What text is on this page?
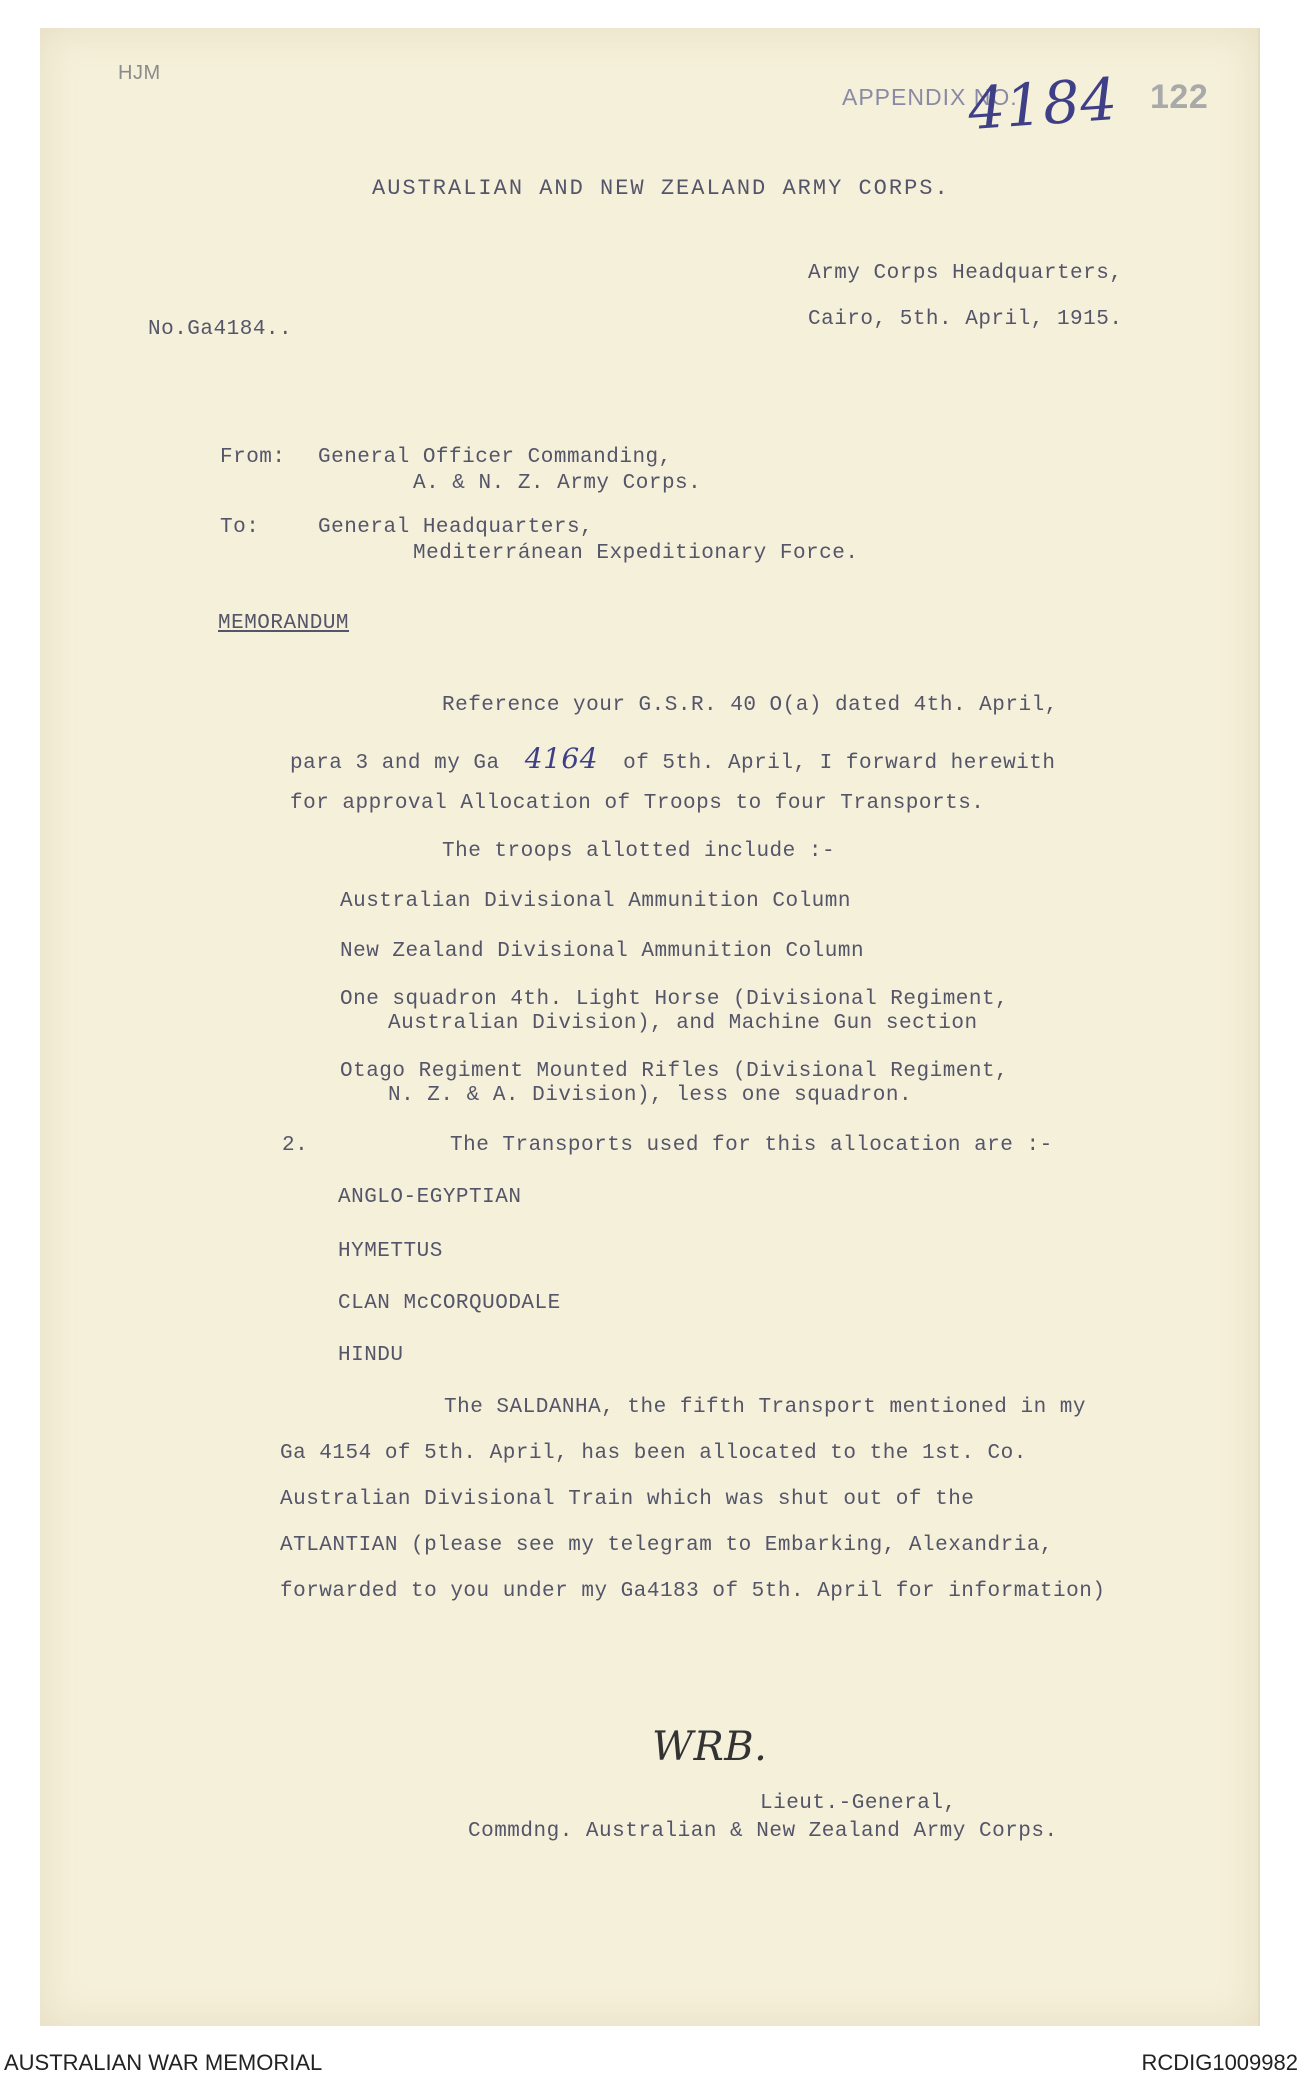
HJM
APPENDIX NO.
4184 122
AUSTRALIAN AND NEW ZEALAND ARMY CORPS.
Army Corps Headquarters,
Cairo, 5th. April, 1915.
No.Ga4184..
From: General Officer Commanding,
A. & N. Z. Army Corps.
To:	General Headquarters,
Mediterránean Expeditionary Force.
MEMORANDUM
Reference your G.S.R. 40 O(a) dated 4th. April,
para 3 and my Ga 4164 of 5th. April, I forward herewith
for approval Allocation of Troops to four Transports.
The troops allotted include :-
Australian Divisional Ammunition Column
New Zealand Divisional Ammunition Column
One squadron 4th. Light Horse (Divisional Regiment,
Australian Division), and Machine Gun section
Otago Regiment Mounted Rifles (Divisional Regiment,
N. Z. & A. Division), less one squadron.
2.	The Transports used for this allocation are :-
ANGLO-EGYPTIAN
HYMETTUS
CLAN McCORQUODALE
HINDU
The SALDANHA, the fifth Transport mentioned in my
Ga 4154 of 5th. April, has been allocated to the 1st. Co.
Australian Divisional Train which was shut out of the
ATLANTIAN (please see my telegram to Embarking, Alexandria,
forwarded to you under my Ga4183 of 5th. April for information)
WRB.
Lieut.-General,
Commdng. Australian & New Zealand Army Corps.
AUSTRALIAN WAR MEMORIAL	RCDIG1009982
